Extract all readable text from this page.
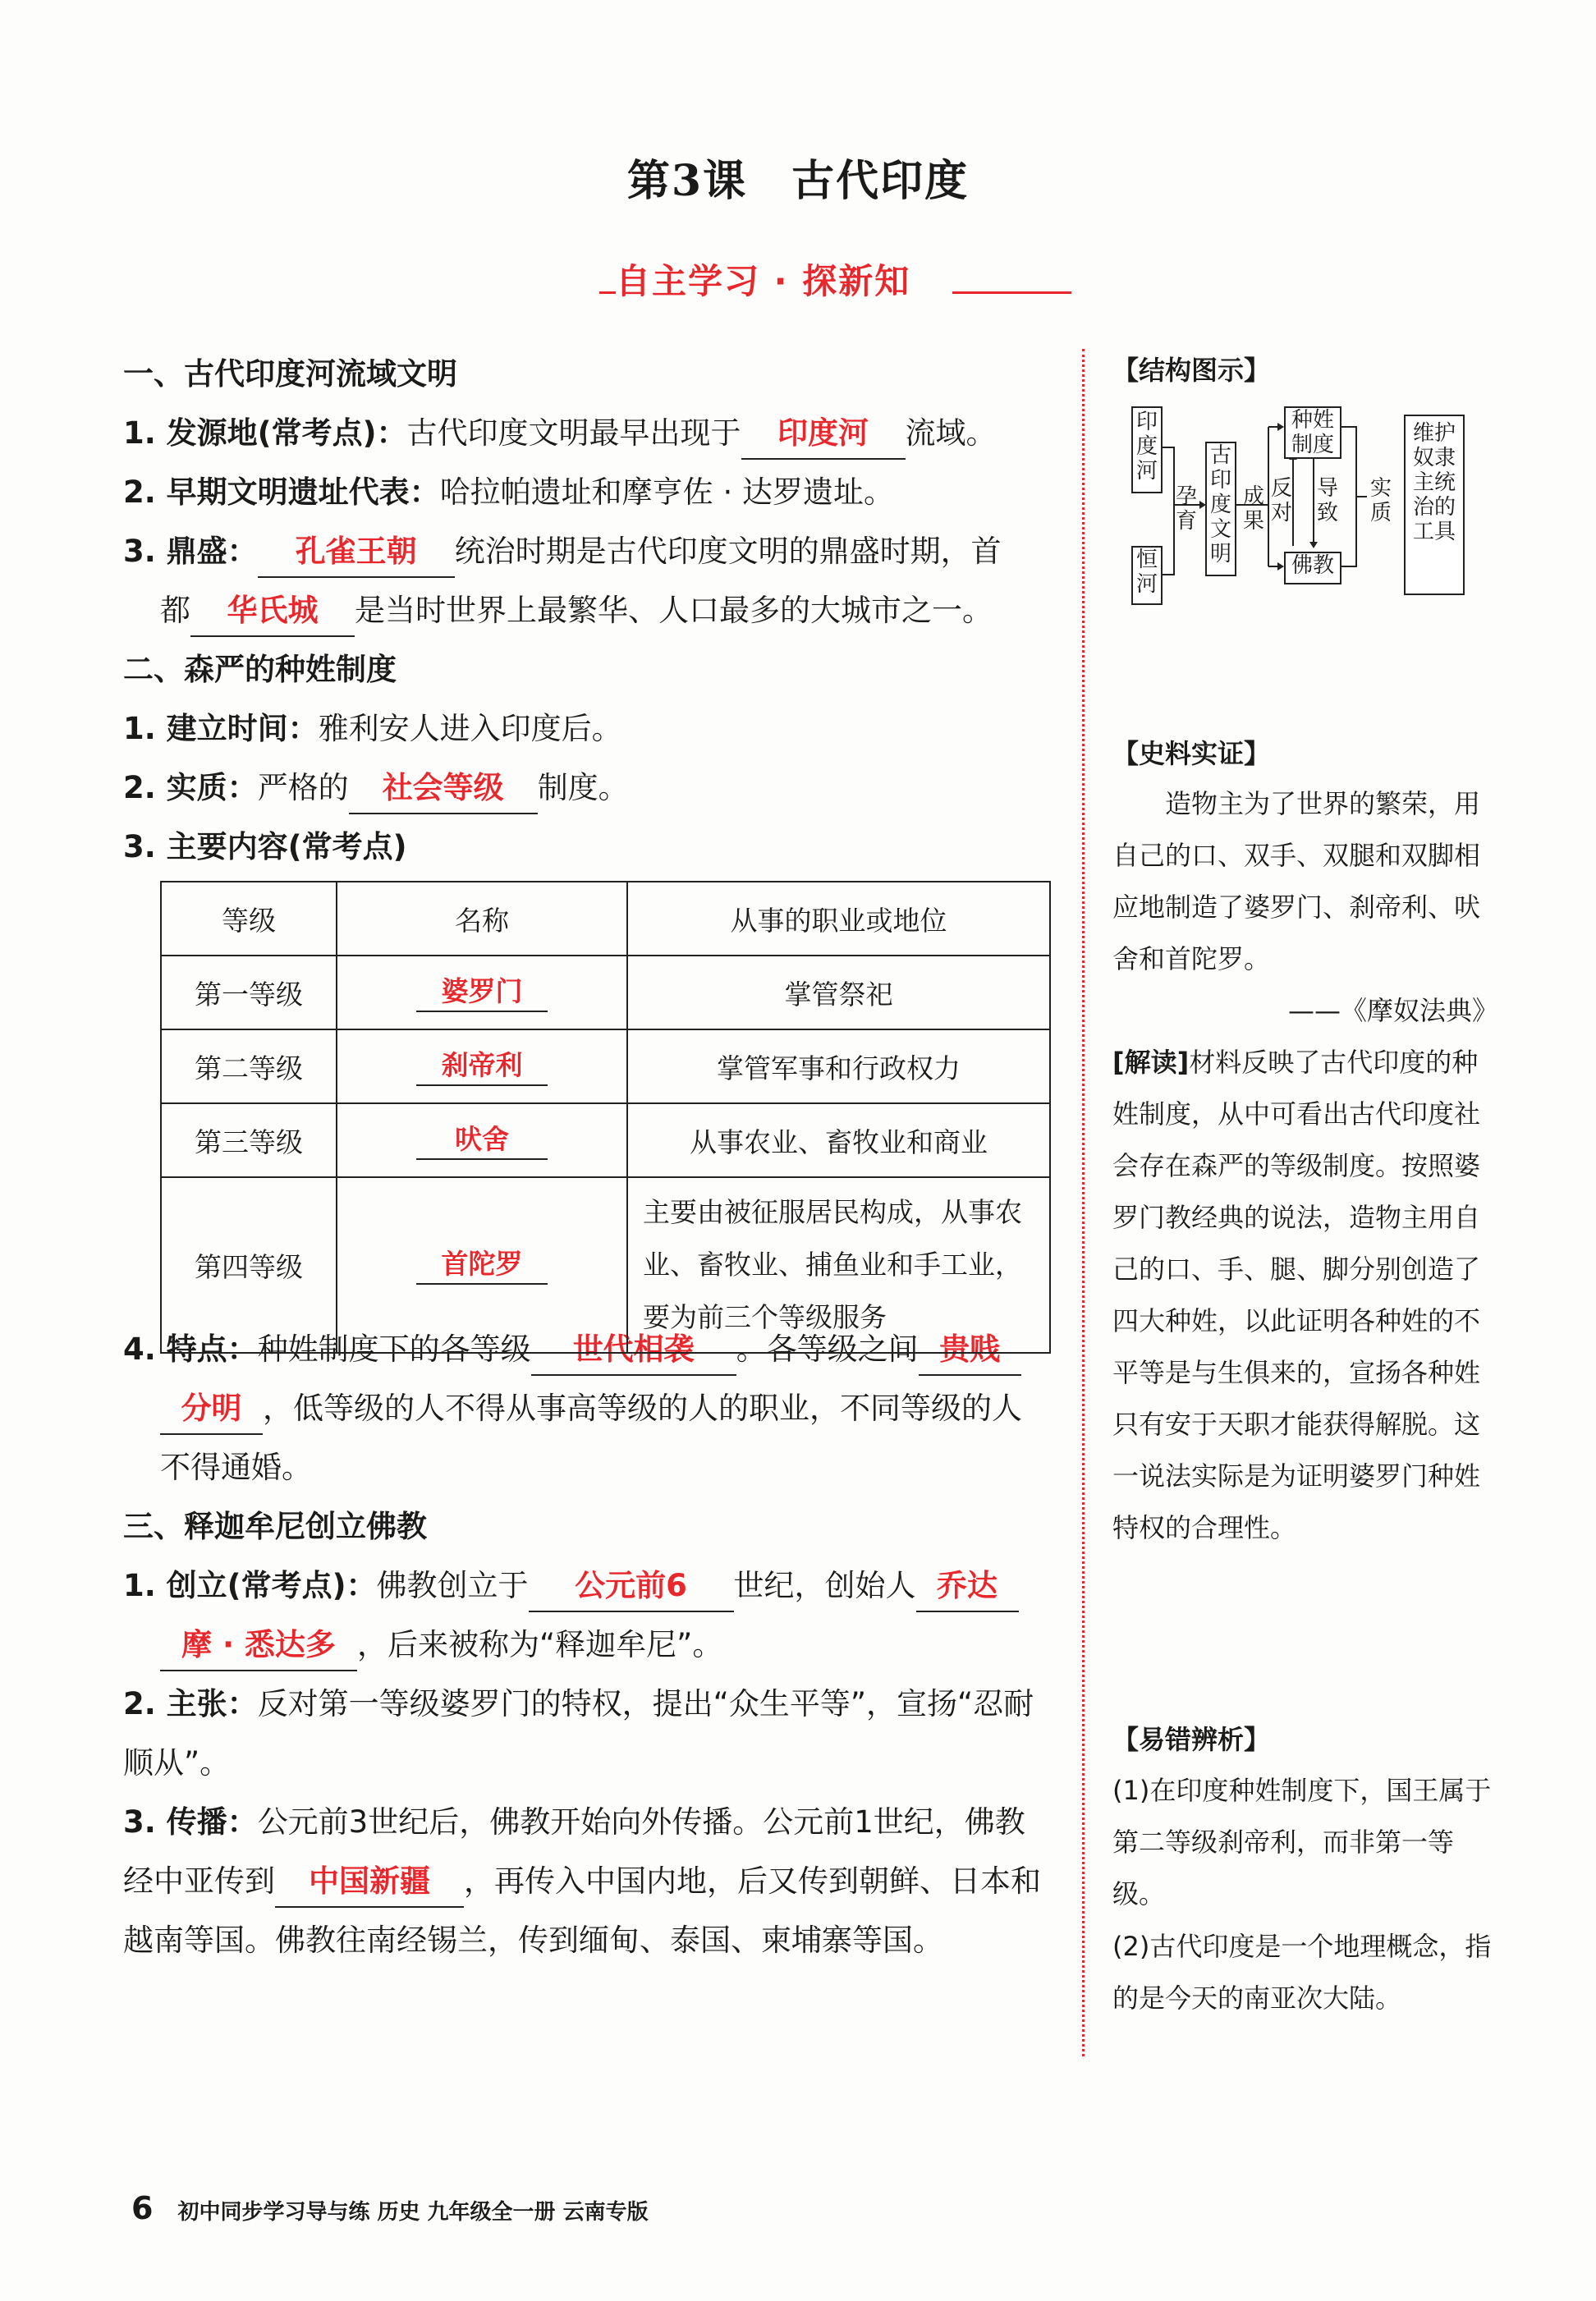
第3课　古代印度
自主学习 · 探新知

一、古代印度河流域文明

1. 发源地(常考点)：古代印度文明最早出现于 印度河 流域。

2. 早期文明遗址代表：哈拉帕遗址和摩亨佐 · 达罗遗址。

3. 鼎盛： 孔雀王朝 统治时期是古代印度文明的鼎盛时期，首

都 华氏城 是当时世界上最繁华、人口最多的大城市之一。

二、森严的种姓制度

1. 建立时间：雅利安人进入印度后。

2. 实质：严格的 社会等级 制度。

3. 主要内容(常考点)

4. 特点：种姓制度下的各等级 世代相袭 。各等级之间 贵贱

分明 ，低等级的人不得从事高等级的人的职业，不同等级的人不得通婚。

三、释迦牟尼创立佛教

1. 创立(常考点)：佛教创立于 公元前6 世纪，创始人 乔达

摩 · 悉达多 ，后来被称为“释迦牟尼”。

2. 主张：反对第一等级婆罗门的特权，提出“众生平等”，宣扬“忍耐顺从”。

3. 传播：公元前3世纪后，佛教开始向外传播。公元前1世纪，佛教经中亚传到 中国新疆 ，再传入中国内地，后又传到朝鲜、日本和越南等国。佛教往南经锡兰，传到缅甸、泰国、柬埔寨等国。

等级	名称	从事的职业或地位
第一等级	婆罗门	掌管祭祀
第二等级	刹帝利	掌管军事和行政权力
第三等级	吠舍	从事农业、畜牧业和商业
第四等级	首陀罗	主要由被征服居民构成，从事农业、畜牧业、捕鱼业和手工业，要为前三个等级服务
【结构图示】
印度河
恒河
孕育
古印度文明
成果
种姓制度
反对
导致
佛教
实质
维护奴隶主统治的工具
【史料实证】
造物主为了世界的繁荣，用自己的口、双手、双腿和双脚相应地制造了婆罗门、刹帝利、吠舍和首陀罗。
——《摩奴法典》
[解读]材料反映了古代印度的种姓制度，从中可看出古代印度社会存在森严的等级制度。按照婆罗门教经典的说法，造物主用自己的口、手、腿、脚分别创造了四大种姓，以此证明各种姓的不平等是与生俱来的，宣扬各种姓只有安于天职才能获得解脱。这一说法实际是为证明婆罗门种姓特权的合理性。
【易错辨析】
(1)在印度种姓制度下，国王属于第二等级刹帝利，而非第一等级。
(2)古代印度是一个地理概念，指的是今天的南亚次大陆。
6 初中同步学习导与练 历史 九年级全一册 云南专版
